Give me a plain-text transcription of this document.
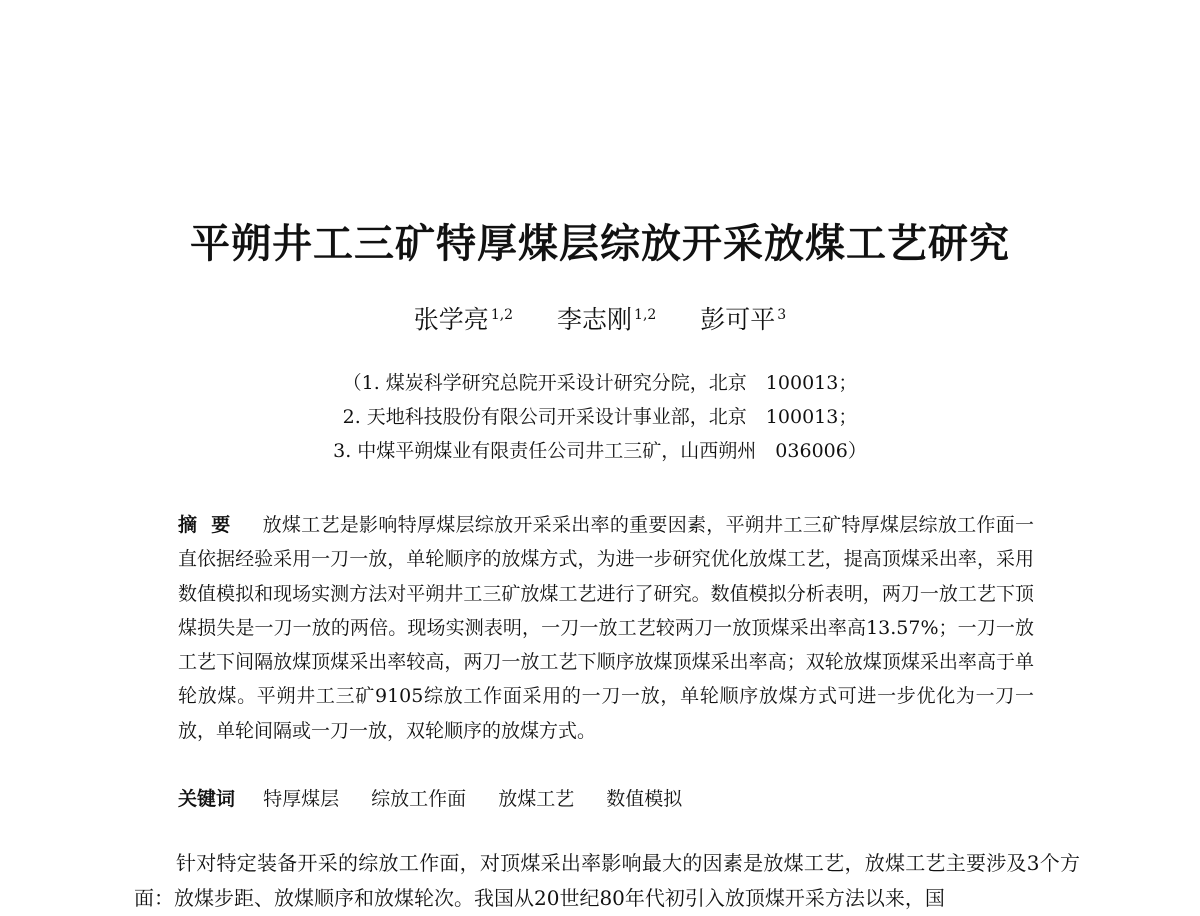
平朔井工三矿特厚煤层综放开采放煤工艺研究
张学亮 $^{1,2}$ 李志刚 $^{1,2}$ 彭可平 $^3$
（1. 煤炭科学研究总院开采设计研究分院，北京　100013；
2. 天地科技股份有限公司开采设计事业部，北京　100013；
3. 中煤平朔煤业有限责任公司井工三矿，山西朔州　036006）
摘要 放煤工艺是影响特厚煤层综放开采采出率的重要因素，平朔井工三矿特厚煤层综放工作面一直依据经验采用一刀一放，单轮顺序的放煤方式，为进一步研究优化放煤工艺，提高顶煤采出率，采用数值模拟和现场实测方法对平朔井工三矿放煤工艺进行了研究。数值模拟分析表明，两刀一放工艺下顶煤损失是一刀一放的两倍。现场实测表明，一刀一放工艺较两刀一放顶煤采出率高13.57%；一刀一放工艺下间隔放煤顶煤采出率较高，两刀一放工艺下顺序放煤顶煤采出率高；双轮放煤顶煤采出率高于单轮放煤。平朔井工三矿9105综放工作面采用的一刀一放，单轮顺序放煤方式可进一步优化为一刀一放，单轮间隔或一刀一放，双轮顺序的放煤方式。
关键词 特厚煤层 综放工作面 放煤工艺 数值模拟
针对特定装备开采的综放工作面，对顶煤采出率影响最大的因素是放煤工艺，放煤工艺主要涉及3个方面：放煤步距、放煤顺序和放煤轮次。我国从20世纪80年代初引入放顶煤开采方法以来，国
